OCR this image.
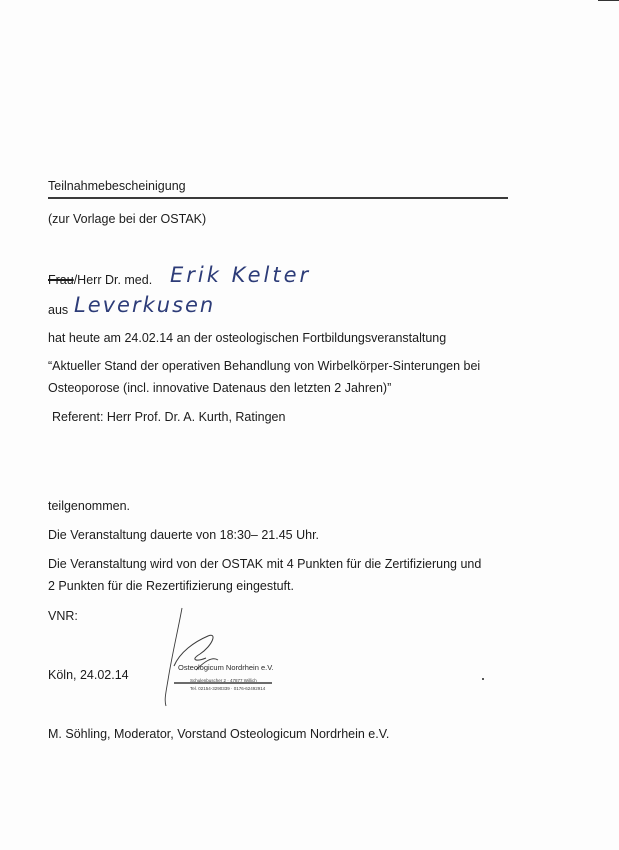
Teilnahmebescheinigung
(zur Vorlage bei der OSTAK)
Frau/Herr Dr. med. Erik Kelter
aus Leverkusen
hat heute am 24.02.14 an der osteologischen Fortbildungsveranstaltung
“Aktueller Stand der operativen Behandlung von Wirbelkörper-Sinterungen bei
Osteoporose (incl. innovative Datenaus den letzten 2 Jahren)”
Referent: Herr Prof. Dr. A. Kurth, Ratingen
teilgenommen.
Die Veranstaltung dauerte von 18:30– 21.45 Uhr.
Die Veranstaltung wird von der OSTAK mit 4 Punkten für die Zertifizierung und
2 Punkten für die Rezertifizierung eingestuft.
VNR:
Köln, 24.02.14
Osteologicum Nordrhein e.V.
Schulenbuscher 2 · 47877 Willich
Tel. 02154-3290339 · 0176-62492914
M. Söhling, Moderator, Vorstand Osteologicum Nordrhein e.V.
